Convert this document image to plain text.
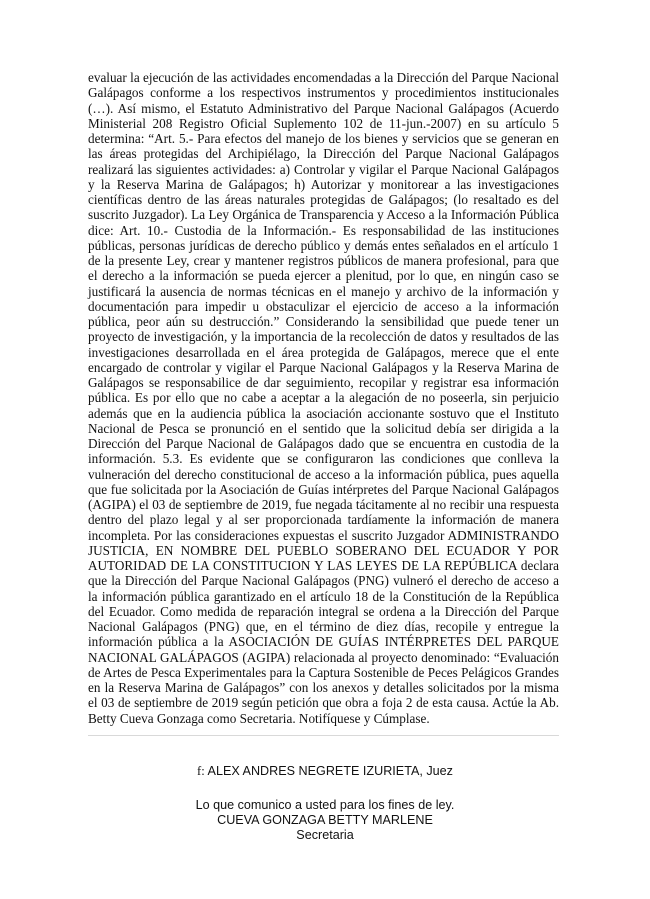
evaluar la ejecución de las actividades encomendadas a la Dirección del Parque Nacional Galápagos conforme a los respectivos instrumentos y procedimientos institucionales (…). Así mismo, el Estatuto Administrativo del Parque Nacional Galápagos (Acuerdo Ministerial 208 Registro Oficial Suplemento 102 de 11-jun.-2007) en su artículo 5 determina: “Art. 5.- Para efectos del manejo de los bienes y servicios que se generan en las áreas protegidas del Archipiélago, la Dirección del Parque Nacional Galápagos realizará las siguientes actividades: a) Controlar y vigilar el Parque Nacional Galápagos y la Reserva Marina de Galápagos; h) Autorizar y monitorear a las investigaciones científicas dentro de las áreas naturales protegidas de Galápagos; (lo resaltado es del suscrito Juzgador). La Ley Orgánica de Transparencia y Acceso a la Información Pública dice: Art. 10.- Custodia de la Información.- Es responsabilidad de las instituciones públicas, personas jurídicas de derecho público y demás entes señalados en el artículo 1 de la presente Ley, crear y mantener registros públicos de manera profesional, para que el derecho a la información se pueda ejercer a plenitud, por lo que, en ningún caso se justificará la ausencia de normas técnicas en el manejo y archivo de la información y documentación para impedir u obstaculizar el ejercicio de acceso a la información pública, peor aún su destrucción.” Considerando la sensibilidad que puede tener un proyecto de investigación, y la importancia de la recolección de datos y resultados de las investigaciones desarrollada en el área protegida de Galápagos, merece que el ente encargado de controlar y vigilar el Parque Nacional Galápagos y la Reserva Marina de Galápagos se responsabilice de dar seguimiento, recopilar y registrar esa información pública. Es por ello que no cabe a aceptar a la alegación de no poseerla, sin perjuicio además que en la audiencia pública la asociación accionante sostuvo que el Instituto Nacional de Pesca se pronunció en el sentido que la solicitud debía ser dirigida a la Dirección del Parque Nacional de Galápagos dado que se encuentra en custodia de la información. 5.3. Es evidente que se configuraron las condiciones que conlleva la vulneración del derecho constitucional de acceso a la información pública, pues aquella que fue solicitada por la Asociación de Guías intérpretes del Parque Nacional Galápagos (AGIPA) el 03 de septiembre de 2019, fue negada tácitamente al no recibir una respuesta dentro del plazo legal y al ser proporcionada tardíamente la información de manera incompleta. Por las consideraciones expuestas el suscrito Juzgador ADMINISTRANDO JUSTICIA, EN NOMBRE DEL PUEBLO SOBERANO DEL ECUADOR Y POR AUTORIDAD DE LA CONSTITUCION Y LAS LEYES DE LA REPÚBLICA declara que la Dirección del Parque Nacional Galápagos (PNG) vulneró el derecho de acceso a la información pública garantizado en el artículo 18 de la Constitución de la República del Ecuador. Como medida de reparación integral se ordena a la Dirección del Parque Nacional Galápagos (PNG) que, en el término de diez días, recopile y entregue la información pública a la ASOCIACIÓN DE GUÍAS INTÉRPRETES DEL PARQUE NACIONAL GALÁPAGOS (AGIPA) relacionada al proyecto denominado: “Evaluación de Artes de Pesca Experimentales para la Captura Sostenible de Peces Pelágicos Grandes en la Reserva Marina de Galápagos” con los anexos y detalles solicitados por la misma el 03 de septiembre de 2019 según petición que obra a foja 2 de esta causa. Actúe la Ab. Betty Cueva Gonzaga como Secretaria. Notifíquese y Cúmplase.

f: ALEX ANDRES NEGRETE IZURIETA, Juez
Lo que comunico a usted para los fines de ley.
CUEVA GONZAGA BETTY MARLENE
Secretaria
